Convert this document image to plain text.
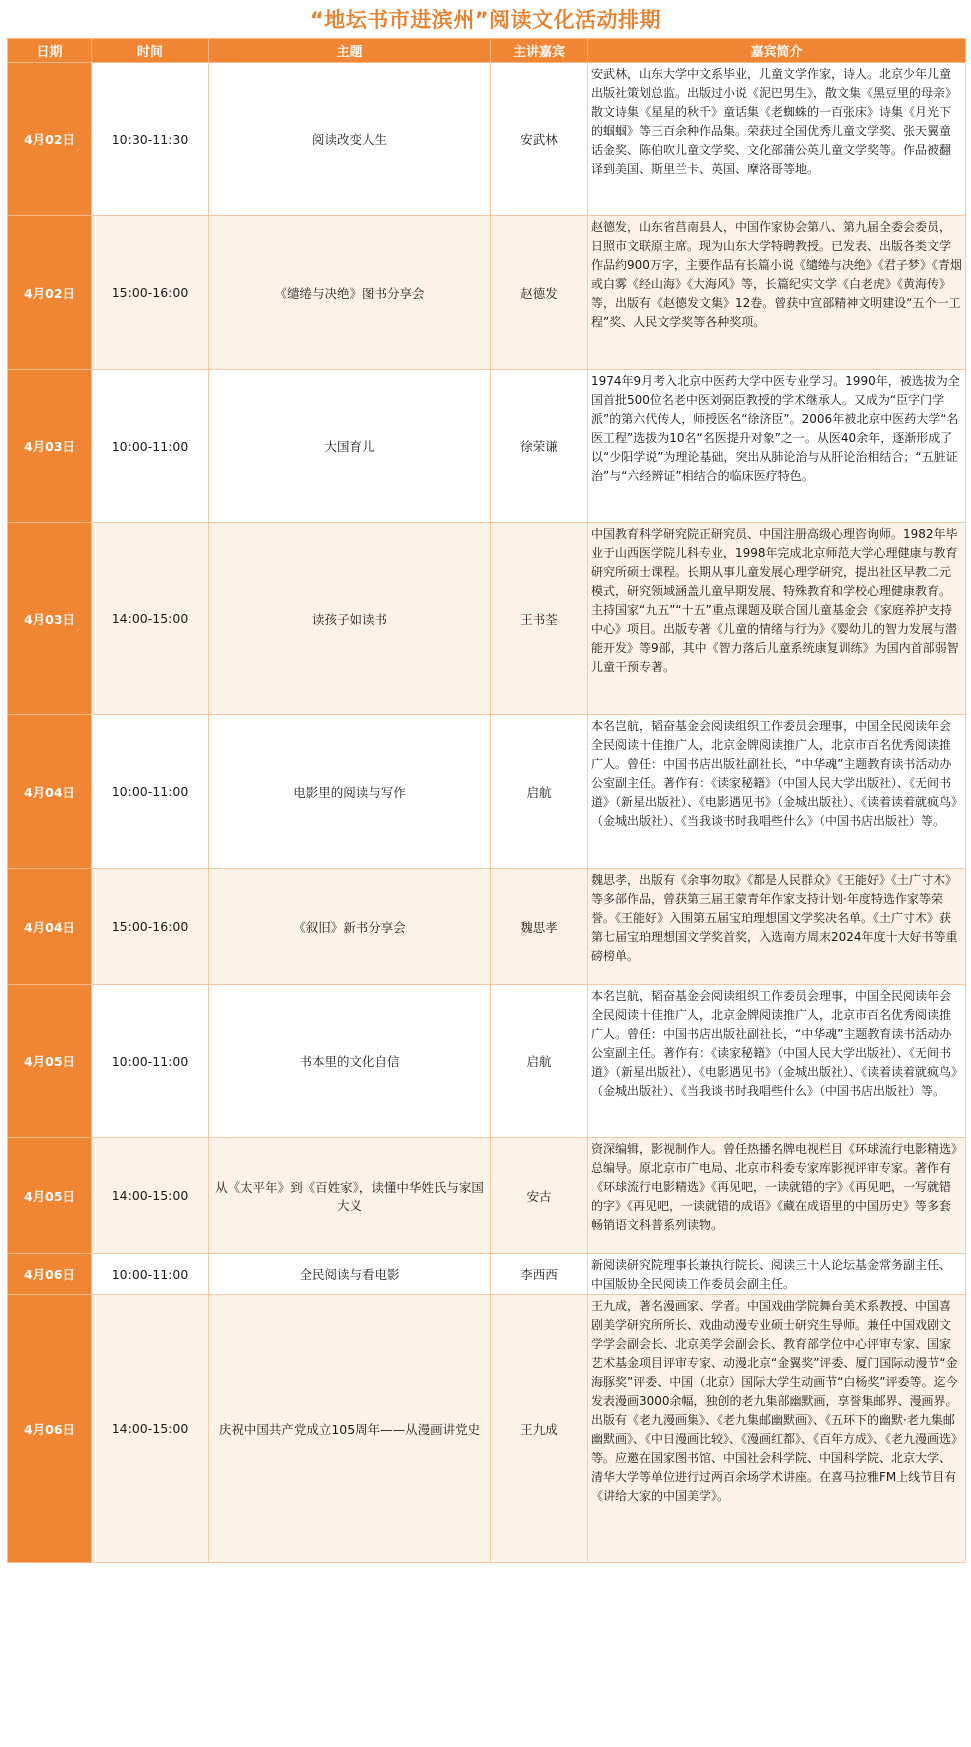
“地坛书市进滨州”阅读文化活动排期
日期	时间	主题	主讲嘉宾	嘉宾简介
4月02日	10:30-11:30	阅读改变人生	安武林	安武林，山东大学中文系毕业，儿童文学作家，诗人。北京少年儿童出版社策划总监。出版过小说《泥巴男生》，散文集《黑豆里的母亲》散文诗集《星星的秋千》童话集《老蜘蛛的一百张床》诗集《月光下的蝈蝈》等三百余种作品集。荣获过全国优秀儿童文学奖、张天翼童话金奖、陈伯吹儿童文学奖、文化部蒲公英儿童文学奖等。作品被翻译到美国、斯里兰卡、英国、摩洛哥等地。

4月02日	15:00-16:00	《缱绻与决绝》图书分享会	赵德发	赵德发，山东省莒南县人，中国作家协会第八、第九届全委会委员，日照市文联原主席。现为山东大学特聘教授。已发表、出版各类文学作品约900万字，主要作品有长篇小说《缱绻与决绝》《君子梦》《青烟或白雾《经山海》《大海风》等，长篇纪实文学《白老虎》《黄海传》等，出版有《赵德发文集》12卷。曾获中宣部精神文明建设“五个一工程”奖、人民文学奖等各种奖项。

4月03日	10:00-11:00	大国育儿	徐荣谦	1974年9月考入北京中医药大学中医专业学习。1990年，被选拔为全国首批500位名老中医刘弼臣教授的学术继承人。又成为“臣字门学派”的第六代传人，师授医名“徐济臣”。2006年被北京中医药大学“名医工程”选拔为10名“名医提升对象”之一。从医40余年，逐渐形成了以“少阳学说”为理论基础，突出从肺论治与从肝论治相结合；“五脏证治”与“六经辨证”相结合的临床医疗特色。

4月03日	14:00-15:00	读孩子如读书	王书荃	中国教育科学研究院正研究员、中国注册高级心理咨询师。1982年毕业于山西医学院儿科专业，1998年完成北京师范大学心理健康与教育研究所硕士课程。长期从事儿童发展心理学研究，提出社区早教二元模式，研究领域涵盖儿童早期发展、特殊教育和学校心理健康教育。主持国家“九五”“十五”重点课题及联合国儿童基金会《家庭养护支持中心》项目。出版专著《儿童的情绪与行为》《婴幼儿的智力发展与潜能开发》等9部，其中《智力落后儿童系统康复训练》为国内首部弱智儿童干预专著。

4月04日	10:00-11:00	电影里的阅读与写作	启航	本名岂航，韬奋基金会阅读组织工作委员会理事，中国全民阅读年会全民阅读十佳推广人，北京金牌阅读推广人，北京市百名优秀阅读推广人。曾任：中国书店出版社副社长，“中华魂”主题教育读书活动办公室副主任。著作有：《读家秘籍》（中国人民大学出版社）、《无间书道》（新星出版社）、《电影遇见书》（金城出版社）、《读着读着就疯鸟》（金城出版社）、《当我谈书时我唱些什么》（中国书店出版社）等。

4月04日	15:00-16:00	《叙旧》新书分享会	魏思孝	魏思孝，出版有《余事勿取》《都是人民群众》《王能好》《土广寸木》等多部作品，曾获第三届王蒙青年作家支持计划·年度特选作家等荣誉。《王能好》入围第五届宝珀理想国文学奖决名单。《土广寸木》获第七届宝珀理想国文学奖首奖，入选南方周末2024年度十大好书等重磅榜单。

4月05日	10:00-11:00	书本里的文化自信	启航	本名岂航，韬奋基金会阅读组织工作委员会理事，中国全民阅读年会全民阅读十佳推广人，北京金牌阅读推广人，北京市百名优秀阅读推广人。曾任：中国书店出版社副社长，“中华魂”主题教育读书活动办公室副主任。著作有：《读家秘籍》（中国人民大学出版社）、《无间书道》（新星出版社）、《电影遇见书》（金城出版社）、《读着读着就疯鸟》（金城出版社）、《当我谈书时我唱些什么》（中国书店出版社）等。

4月05日	14:00-15:00	从《太平年》到《百姓家》，读懂中华姓氏与家国大义	安古	资深编辑，影视制作人。曾任热播名牌电视栏目《环球流行电影精选》总编导。原北京市广电局、北京市科委专家库影视评审专家。著作有《环球流行电影精选》《再见吧，一读就错的字》《再见吧，一写就错的字》《再见吧，一读就错的成语》《藏在成语里的中国历史》等多套畅销语文科普系列读物。

4月06日	10:00-11:00	全民阅读与看电影	李西西	新阅读研究院理事长兼执行院长、阅读三十人论坛基金常务副主任、中国版协全民阅读工作委员会副主任。

4月06日	14:00-15:00	庆祝中国共产党成立105周年——从漫画讲党史	王九成	王九成，著名漫画家、学者。中国戏曲学院舞台美术系教授、中国喜剧美学研究所所长、戏曲动漫专业硕士研究生导师。兼任中国戏剧文学学会副会长、北京美学会副会长、教育部学位中心评审专家、国家艺术基金项目评审专家、动漫北京“金翼奖”评委、厦门国际动漫节“金海豚奖”评委、中国（北京）国际大学生动画节“白杨奖”评委等。迄今发表漫画3000余幅，独创的老九集部幽默画，享誉集邮界、漫画界。出版有《老九漫画集》、《老九集邮幽默画》、《五环下的幽默·老九集邮幽默画》、《中日漫画比较》、《漫画红都》、《百年方成》、《老九漫画选》等。应邀在国家图书馆、中国社会科学院、中国科学院、北京大学、清华大学等单位进行过两百余场学术讲座。在喜马拉雅FM上线节目有《讲给大家的中国美学》。
